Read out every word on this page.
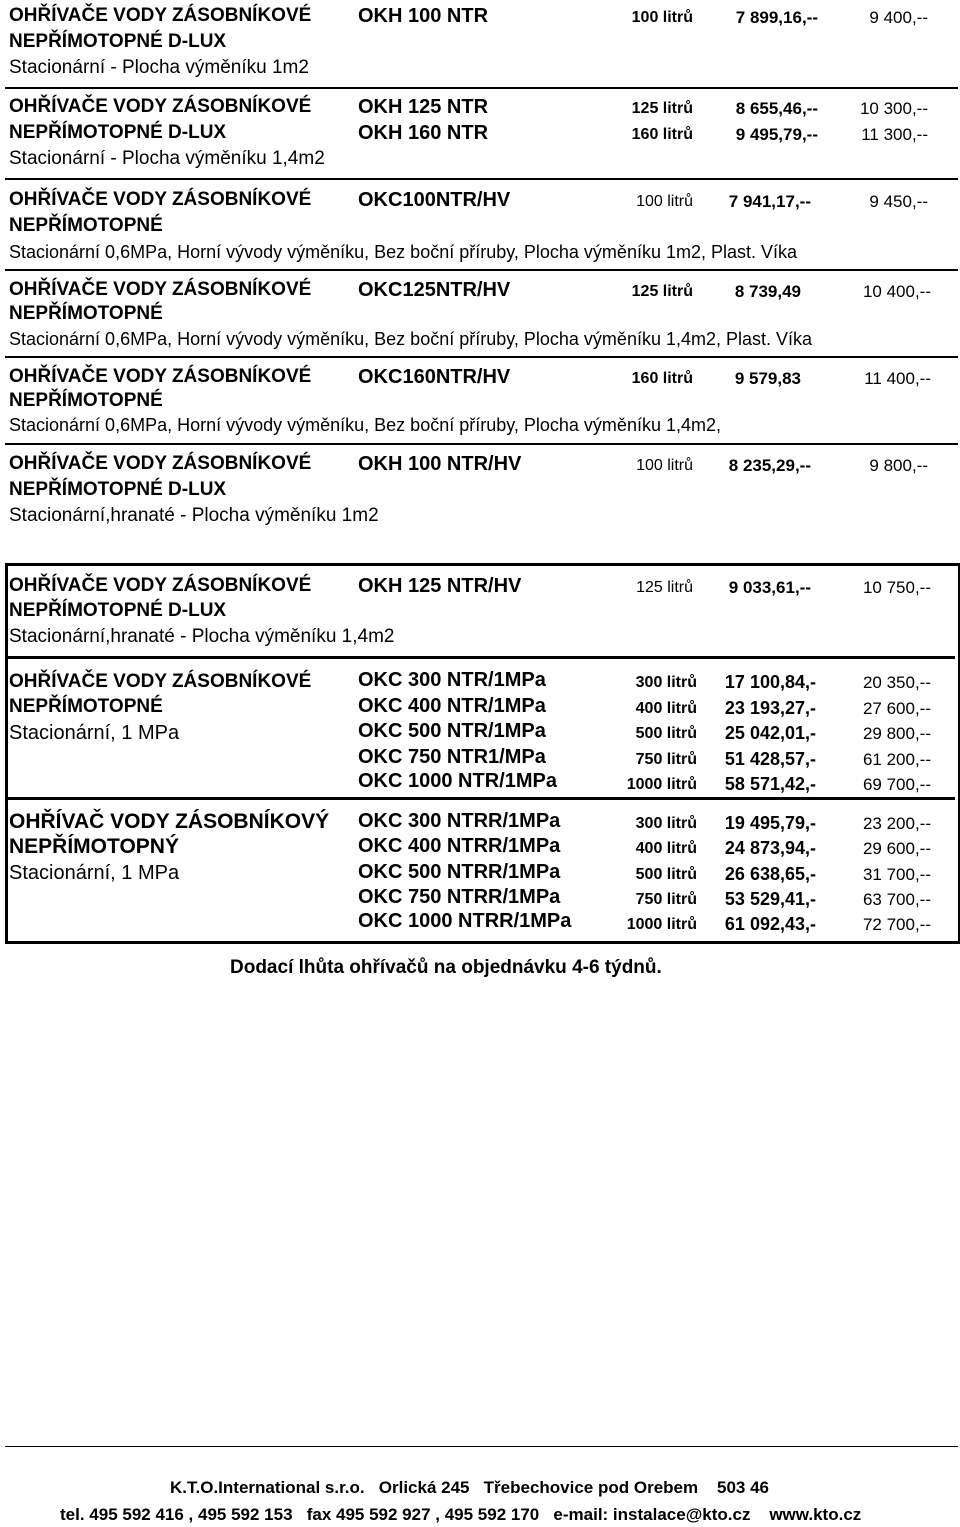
OHŘÍVAČE VODY ZÁSOBNÍKOVÉ
NEPŘÍMOTOPNÉ D-LUX
Stacionární - Plocha výměníku 1m2
OKH 100 NTR	100 litrů	7 899,16,--	9 400,--
OHŘÍVAČE VODY ZÁSOBNÍKOVÉ
NEPŘÍMOTOPNÉ D-LUX
Stacionární - Plocha výměníku 1,4m2
OKH 125 NTR	125 litrů	8 655,46,--	10 300,--
OKH 160 NTR	160 litrů	9 495,79,--	11 300,--
OHŘÍVAČE VODY ZÁSOBNÍKOVÉ
NEPŘÍMOTOPNÉ
Stacionární 0,6MPa, Horní vývody výměníku, Bez boční příruby, Plocha výměníku 1m2, Plast. Víka
OKC100NTR/HV	100 litrů	7 941,17,--	9 450,--
OHŘÍVAČE VODY ZÁSOBNÍKOVÉ
NEPŘÍMOTOPNÉ
Stacionární 0,6MPa, Horní vývody výměníku, Bez boční příruby, Plocha výměníku 1,4m2, Plast. Víka
OKC125NTR/HV	125 litrů	8 739,49	10 400,--
OHŘÍVAČE VODY ZÁSOBNÍKOVÉ
NEPŘÍMOTOPNÉ
Stacionární 0,6MPa, Horní vývody výměníku, Bez boční příruby, Plocha výměníku 1,4m2,
OKC160NTR/HV	160 litrů	9 579,83	11 400,--
OHŘÍVAČE VODY ZÁSOBNÍKOVÉ
NEPŘÍMOTOPNÉ D-LUX
Stacionární,hranaté - Plocha výměníku 1m2
OKH 100 NTR/HV	100 litrů	8 235,29,--	9 800,--
OHŘÍVAČE VODY ZÁSOBNÍKOVÉ
NEPŘÍMOTOPNÉ D-LUX
Stacionární,hranaté - Plocha výměníku 1,4m2
OKH 125 NTR/HV	125 litrů	9 033,61,--	10 750,--
OHŘÍVAČE VODY ZÁSOBNÍKOVÉ
NEPŘÍMOTOPNÉ
Stacionární, 1 MPa
OKC 300 NTR/1MPa	300 litrů	17 100,84,-	20 350,--
OKC 400 NTR/1MPa	400 litrů	23 193,27,-	27 600,--
OKC 500 NTR/1MPa	500 litrů	25 042,01,-	29 800,--
OKC 750 NTR1/MPa	750 litrů	51 428,57,-	61 200,--
OKC 1000 NTR/1MPa	1000 litrů	58 571,42,-	69 700,--
OHŘÍVAČ VODY ZÁSOBNÍKOVÝ
NEPŘÍMOTOPNÝ
Stacionární, 1 MPa
OKC 300 NTRR/1MPa	300 litrů	19 495,79,-	23 200,--
OKC 400 NTRR/1MPa	400 litrů	24 873,94,-	29 600,--
OKC 500 NTRR/1MPa	500 litrů	26 638,65,-	31 700,--
OKC 750 NTRR/1MPa	750 litrů	53 529,41,-	63 700,--
OKC 1000 NTRR/1MPa	1000 litrů	61 092,43,-	72 700,--
Dodací lhůta ohřívačů na objednávku 4-6 týdnů.
K.T.O.International s.r.o.   Orlická 245   Třebechovice pod Orebem    503 46
tel. 495 592 416 , 495 592 153   fax 495 592 927 , 495 592 170   e-mail: instalace@kto.cz    www.kto.cz
